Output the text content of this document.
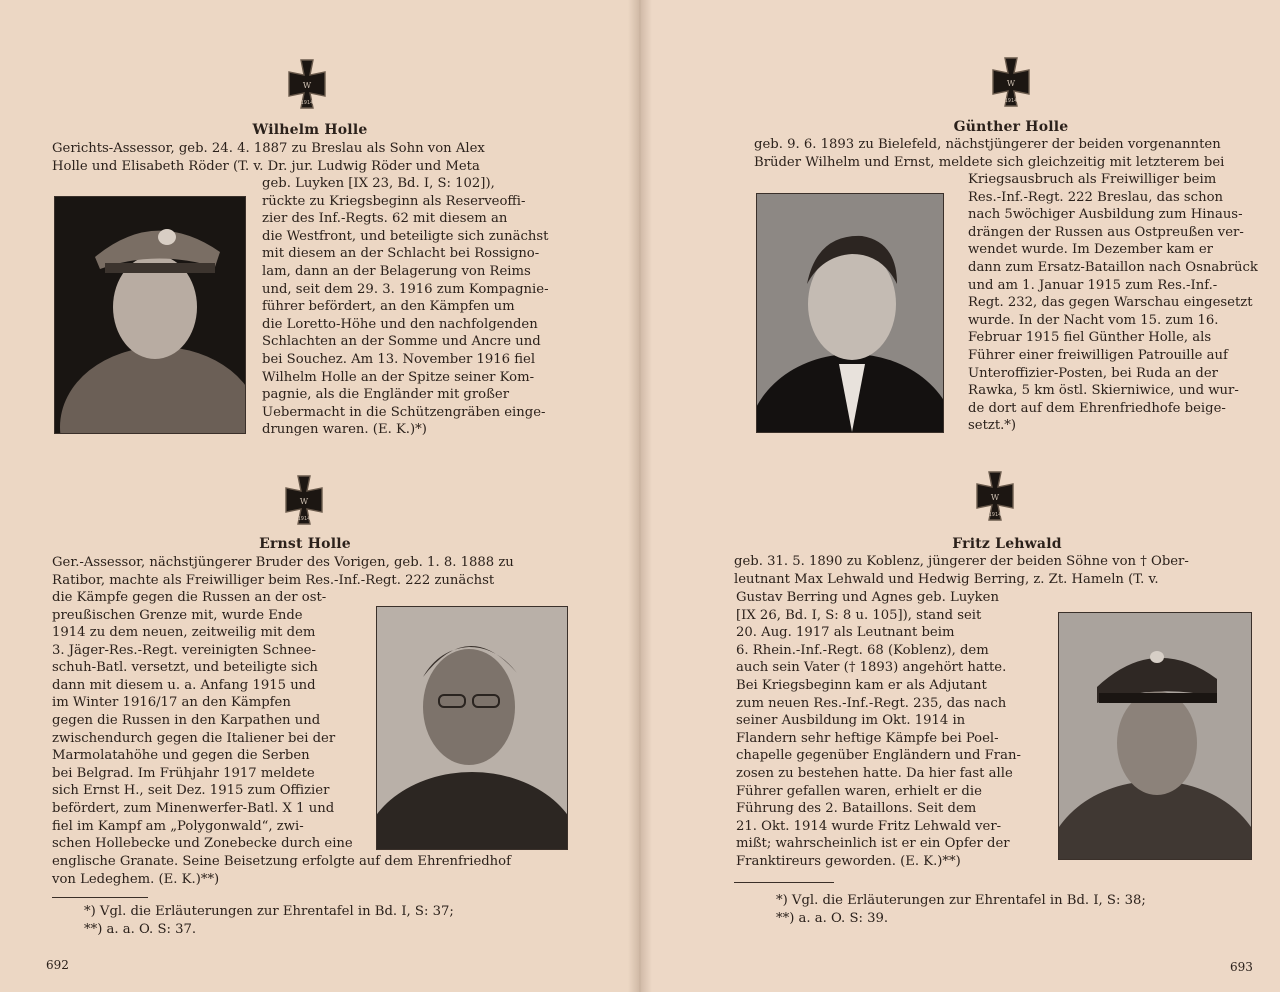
W
1914
Wilhelm Holle
Gerichts-Assessor, geb. 24. 4. 1887 zu Breslau als Sohn von Alex
Holle und Elisabeth Röder (T. v. Dr. jur. Ludwig Röder und Meta
geb. Luyken [IX 23, Bd. I, S: 102]),
rückte zu Kriegsbeginn als Reserveoffi-
zier des Inf.-Regts. 62 mit diesem an
die Westfront, und beteiligte sich zunächst
mit diesem an der Schlacht bei Rossigno-
lam, dann an der Belagerung von Reims
und, seit dem 29. 3. 1916 zum Kompagnie-
führer befördert, an den Kämpfen um
die Loretto-Höhe und den nachfolgenden
Schlachten an der Somme und Ancre und
bei Souchez. Am 13. November 1916 fiel
Wilhelm Holle an der Spitze seiner Kom-
pagnie, als die Engländer mit großer
Uebermacht in die Schützengräben einge-
drungen waren. (E. K.)*)
W
1914
Ernst Holle
Ger.-Assessor, nächstjüngerer Bruder des Vorigen, geb. 1. 8. 1888 zu
Ratibor, machte als Freiwilliger beim Res.-Inf.-Regt. 222 zunächst
die Kämpfe gegen die Russen an der ost-
preußischen Grenze mit, wurde Ende
1914 zu dem neuen, zeitweilig mit dem
3. Jäger-Res.-Regt. vereinigten Schnee-
schuh-Batl. versetzt, und beteiligte sich
dann mit diesem u. a. Anfang 1915 und
im Winter 1916/17 an den Kämpfen
gegen die Russen in den Karpathen und
zwischendurch gegen die Italiener bei der
Marmolatahöhe und gegen die Serben
bei Belgrad. Im Frühjahr 1917 meldete
sich Ernst H., seit Dez. 1915 zum Offizier
befördert, zum Minenwerfer-Batl. X 1 und
fiel im Kampf am „Polygonwald“, zwi-
schen Hollebecke und Zonebecke durch eine
englische Granate. Seine Beisetzung erfolgte auf dem Ehrenfriedhof
von Ledeghem. (E. K.)**)
*) Vgl. die Erläuterungen zur Ehrentafel in Bd. I, S: 37;
**) a. a. O. S: 37.
692
W
1914
Günther Holle
geb. 9. 6. 1893 zu Bielefeld, nächstjüngerer der beiden vorgenannten
Brüder Wilhelm und Ernst, meldete sich gleichzeitig mit letzterem bei
Kriegsausbruch als Freiwilliger beim
Res.-Inf.-Regt. 222 Breslau, das schon
nach 5wöchiger Ausbildung zum Hinaus-
drängen der Russen aus Ostpreußen ver-
wendet wurde. Im Dezember kam er
dann zum Ersatz-Bataillon nach Osnabrück
und am 1. Januar 1915 zum Res.-Inf.-
Regt. 232, das gegen Warschau eingesetzt
wurde. In der Nacht vom 15. zum 16.
Februar 1915 fiel Günther Holle, als
Führer einer freiwilligen Patrouille auf
Unteroffizier-Posten, bei Ruda an der
Rawka, 5 km östl. Skierniwice, und wur-
de dort auf dem Ehrenfriedhofe beige-
setzt.*)
W
1914
Fritz Lehwald
geb. 31. 5. 1890 zu Koblenz, jüngerer der beiden Söhne von † Ober-
leutnant Max Lehwald und Hedwig Berring, z. Zt. Hameln (T. v.
Gustav Berring und Agnes geb. Luyken
[IX 26, Bd. I, S: 8 u. 105]), stand seit
20. Aug. 1917 als Leutnant beim
6. Rhein.-Inf.-Regt. 68 (Koblenz), dem
auch sein Vater († 1893) angehört hatte.
Bei Kriegsbeginn kam er als Adjutant
zum neuen Res.-Inf.-Regt. 235, das nach
seiner Ausbildung im Okt. 1914 in
Flandern sehr heftige Kämpfe bei Poel-
chapelle gegenüber Engländern und Fran-
zosen zu bestehen hatte. Da hier fast alle
Führer gefallen waren, erhielt er die
Führung des 2. Bataillons. Seit dem
21. Okt. 1914 wurde Fritz Lehwald ver-
mißt; wahrscheinlich ist er ein Opfer der
Franktireurs geworden. (E. K.)**)
*) Vgl. die Erläuterungen zur Ehrentafel in Bd. I, S: 38;
**) a. a. O. S: 39.
693
